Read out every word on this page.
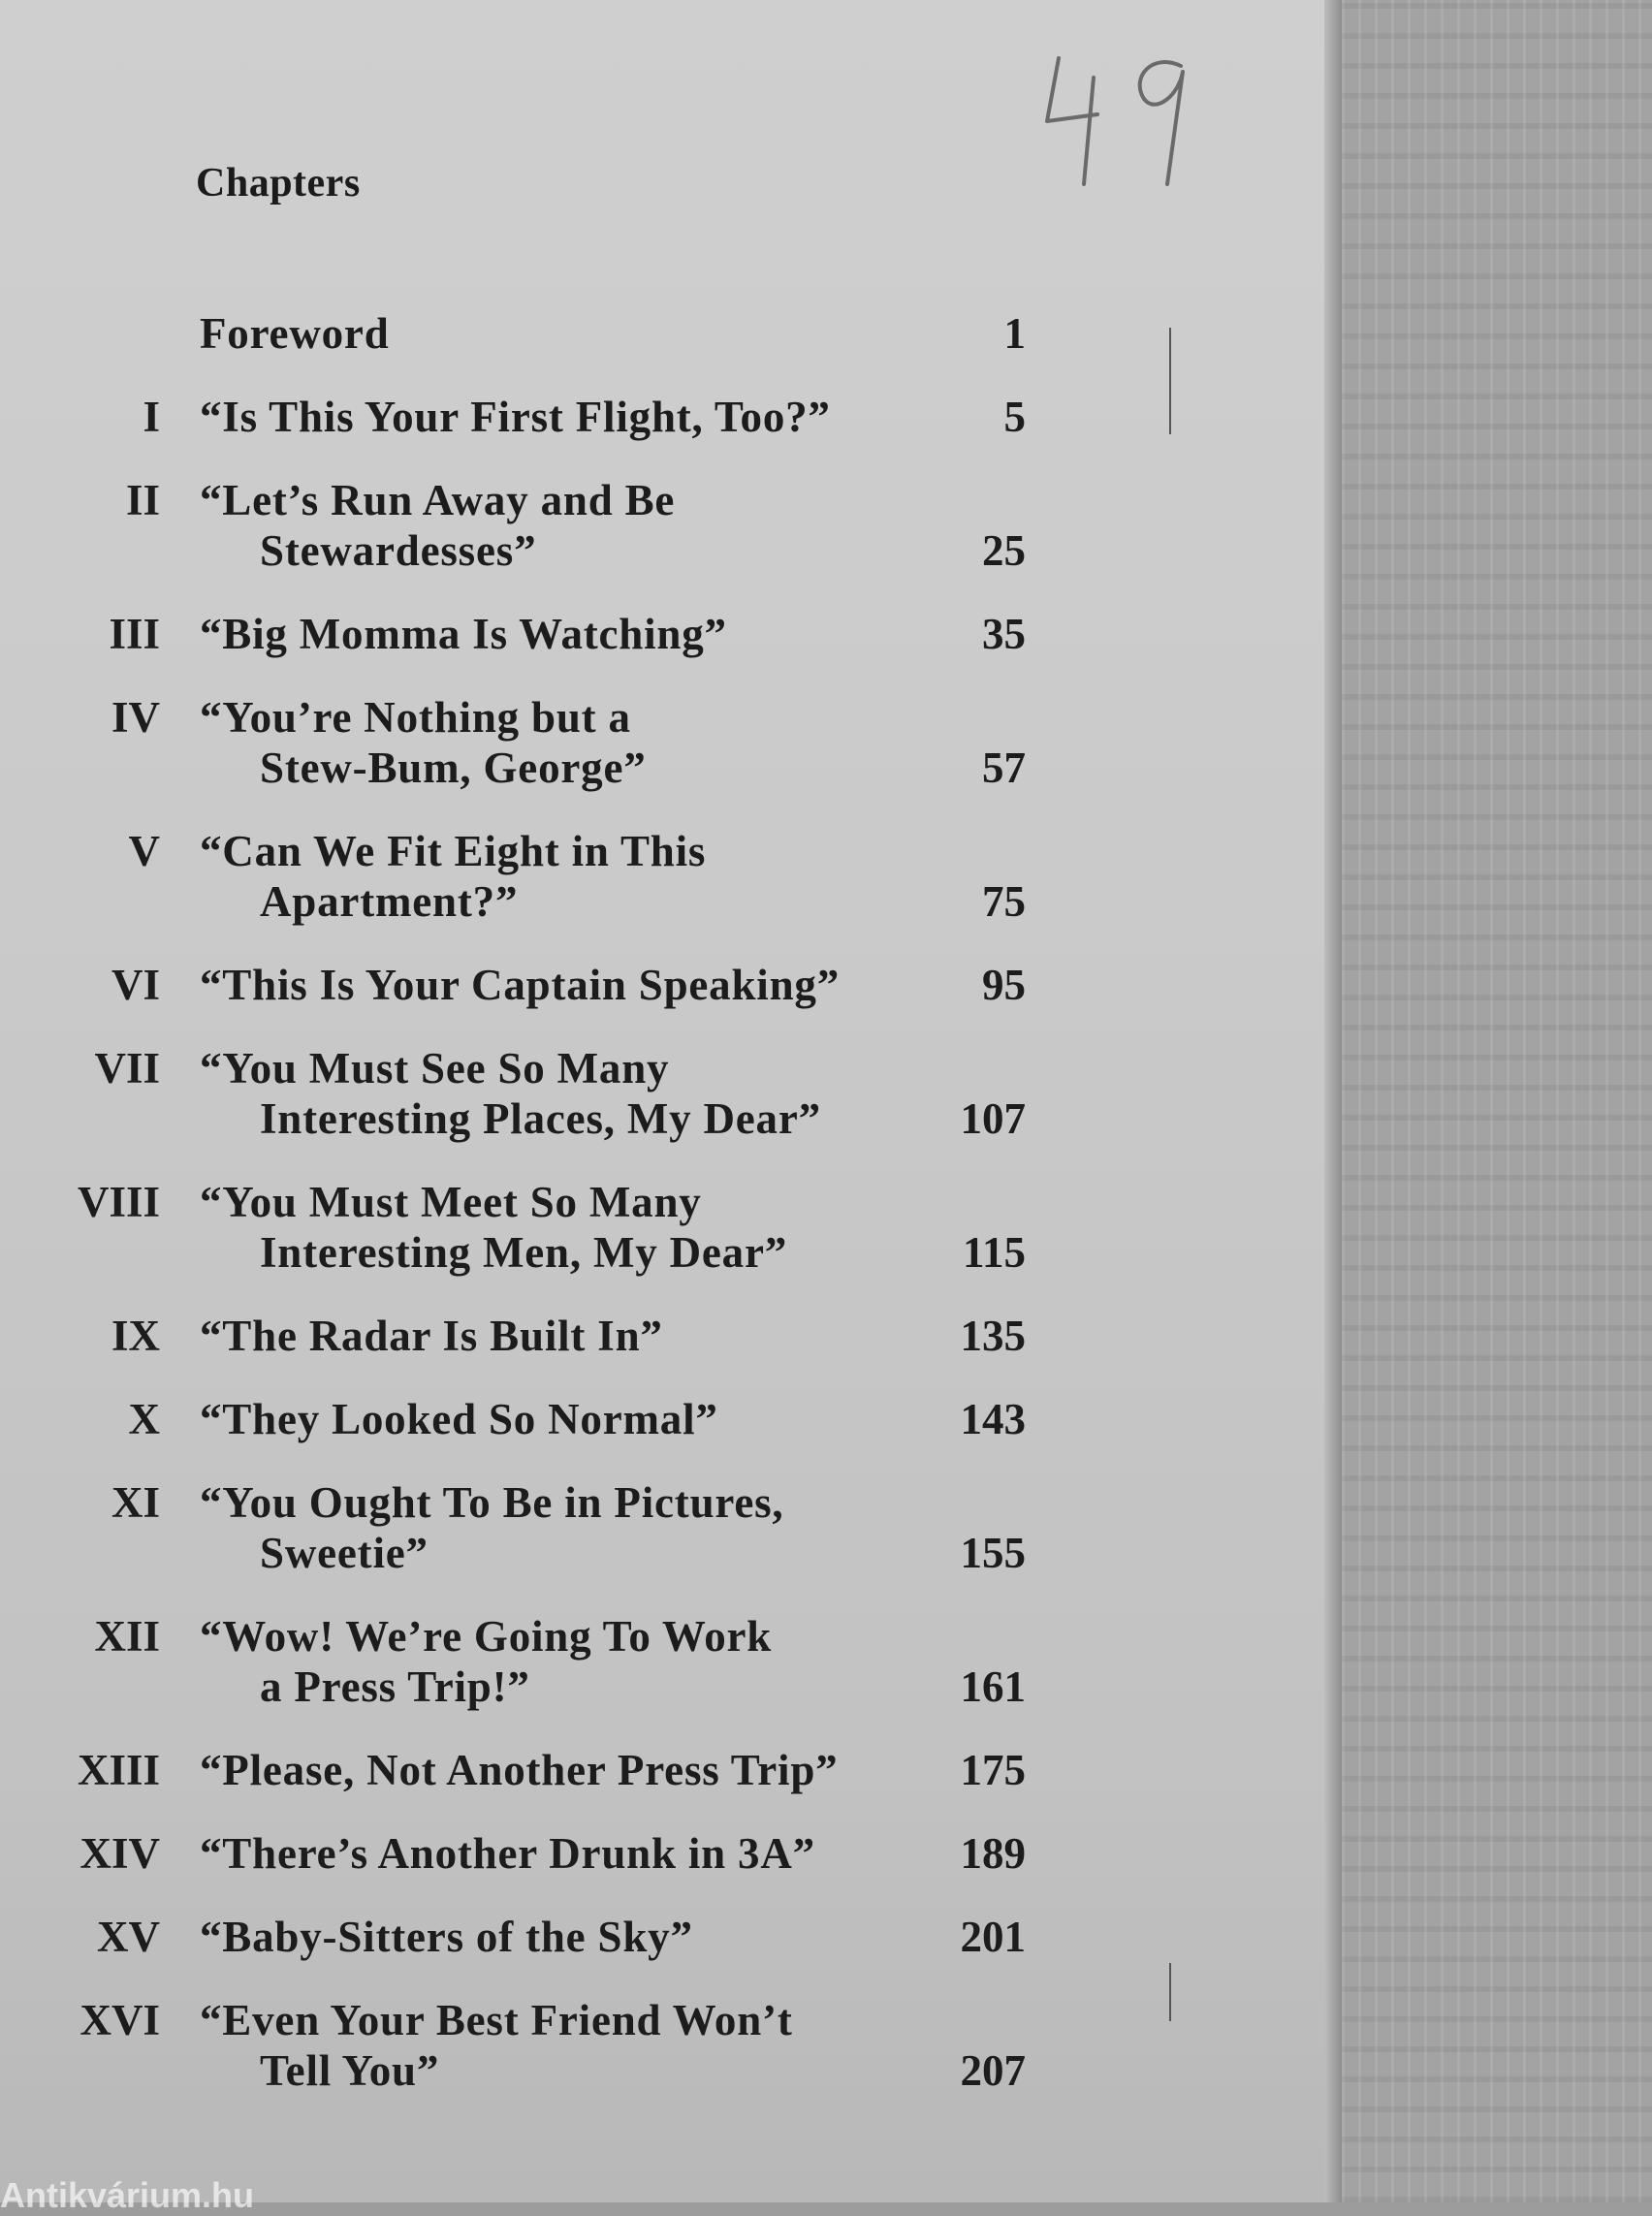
Chapters
Foreword	1
I “Is This Your First Flight, Too?”	5
II “Let’s Run Away and Be
Stewardesses”	25
III “Big Momma Is Watching”	35
IV “You’re Nothing but a
Stew-Bum, George”	57
V “Can We Fit Eight in This
Apartment?”	75
VI “This Is Your Captain Speaking”	95
VII “You Must See So Many
Interesting Places, My Dear”	107
VIII “You Must Meet So Many
Interesting Men, My Dear”	115
IX “The Radar Is Built In”	135
X “They Looked So Normal”	143
XI “You Ought To Be in Pictures,
Sweetie”	155
XII “Wow! We’re Going To Work
a Press Trip!”	161
XIII “Please, Not Another Press Trip”	175
XIV “There’s Another Drunk in 3A”	189
XV “Baby-Sitters of the Sky”	201
XVI “Even Your Best Friend Won’t
Tell You”	207
Antikvárium.hu
